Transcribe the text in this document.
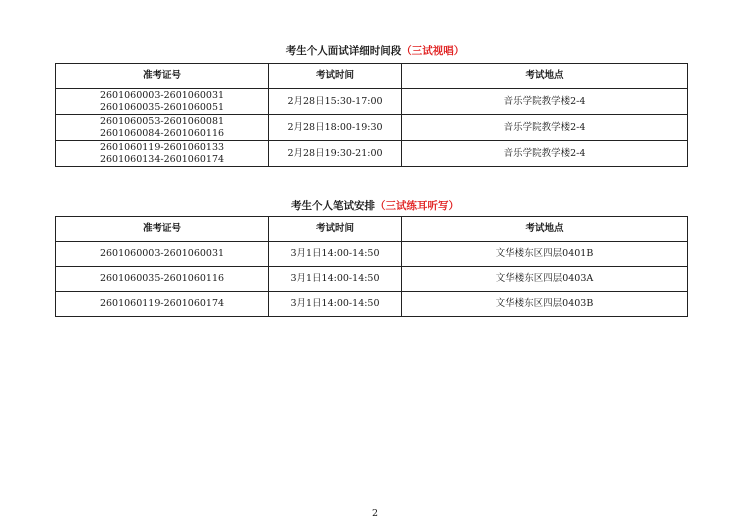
考生个人面试详细时间段（三试视唱）
准考证号	考试时间	考试地点

2601060003-2601060031
2601060035-2601060051	2月28日15:30-17:00	音乐学院教学楼2-4

2601060053-2601060081
2601060084-2601060116	2月28日18:00-19:30	音乐学院教学楼2-4

2601060119-2601060133
2601060134-2601060174	2月28日19:30-21:00	音乐学院教学楼2-4
考生个人笔试安排（三试练耳听写）
准考证号	考试时间	考试地点
2601060003-2601060031	3月1日14:00-14:50	文华楼东区四层0401B
2601060035-2601060116	3月1日14:00-14:50	文华楼东区四层0403A
2601060119-2601060174	3月1日14:00-14:50	文华楼东区四层0403B
2
